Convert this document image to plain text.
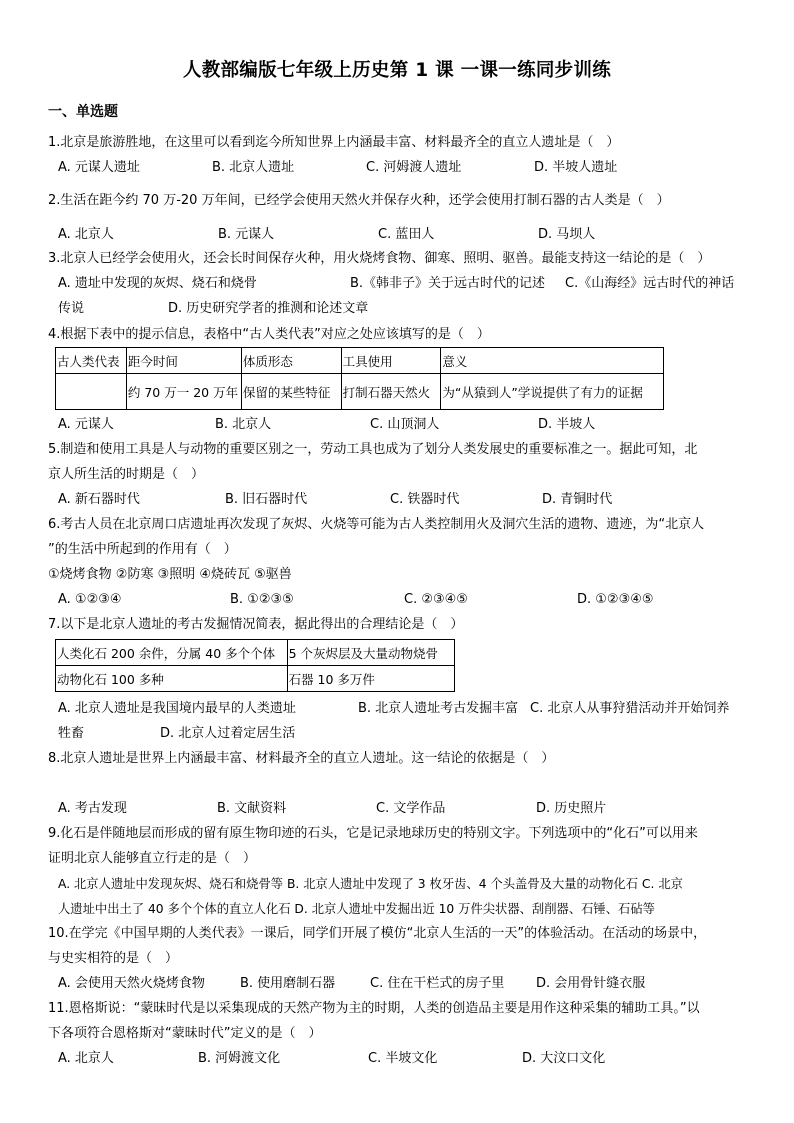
人教部编版七年级上历史第 1 课 一课一练同步训练
一、单选题
1.北京是旅游胜地，在这里可以看到迄今所知世界上内涵最丰富、材料最齐全的直立人遗址是（　）
A. 元谋人遗址	B. 北京人遗址	C. 河姆渡人遗址	D. 半坡人遗址
2.生活在距今约 70 万-20 万年间，已经学会使用天然火并保存火种，还学会使用打制石器的古人类是（　）
A. 北京人	B. 元谋人	C. 蓝田人	D. 马坝人
3.北京人已经学会使用火，还会长时间保存火种，用火烧烤食物、御寒、照明、驱兽。最能支持这一结论的是（　）
A. 遗址中发现的灰烬、烧石和烧骨	B.《韩非子》关于远古时代的记述 C.《山海经》远古时代的神话
传说	D. 历史研究学者的推测和论述文章
4.根据下表中的提示信息，表格中“古人类代表”对应之处应该填写的是（　）
古人类代表	距今时间	体质形态	工具使用	意义
	约 70 万一 20 万年	保留的某些特征	打制石器天然火	为“从猿到人”学说提供了有力的证据
A. 元谋人	B. 北京人	C. 山顶洞人	D. 半坡人
5.制造和使用工具是人与动物的重要区别之一，劳动工具也成为了划分人类发展史的重要标准之一。据此可知，北
京人所生活的时期是（　）
A. 新石器时代	B. 旧石器时代	C. 铁器时代	D. 青铜时代
6.考古人员在北京周口店遗址再次发现了灰烬、火烧等可能为古人类控制用火及洞穴生活的遗物、遗迹，为“北京人
”的生活中所起到的作用有（　）
①烧烤食物 ②防寒 ③照明 ④烧砖瓦 ⑤驱兽
A. ①②③④	B. ①②③⑤	C. ②③④⑤	D. ①②③④⑤
7.以下是北京人遗址的考古发掘情况简表，据此得出的合理结论是（　）
人类化石 200 余件，分属 40 多个个体	5 个灰烬层及大量动物烧骨
动物化石 100 多种	石器 10 多万件
A. 北京人遗址是我国境内最早的人类遗址	B. 北京人遗址考古发掘丰富 C. 北京人从事狩猎活动并开始饲养
牲畜	D. 北京人过着定居生活
8.北京人遗址是世界上内涵最丰富、材料最齐全的直立人遗址。这一结论的依据是（　）
A. 考古发现	B. 文献资料	C. 文学作品	D. 历史照片
9.化石是伴随地层而形成的留有原生物印迹的石头，它是记录地球历史的特别文字。下列选项中的“化石”可以用来
证明北京人能够直立行走的是（　）
A. 北京人遗址中发现灰烬、烧石和烧骨等 B. 北京人遗址中发现了 3 枚牙齿、4 个头盖骨及大量的动物化石 C. 北京
人遗址中出土了 40 多个个体的直立人化石 D. 北京人遗址中发掘出近 10 万件尖状器、刮削器、石锤、石砧等
10.在学完《中国早期的人类代表》一课后，同学们开展了模仿“北京人生活的一天”的体验活动。在活动的场景中，
与史实相符的是（　）
A. 会使用天然火烧烤食物	B. 使用磨制石器	C. 住在干栏式的房子里 D. 会用骨针缝衣服
11.恩格斯说：“蒙昧时代是以采集现成的天然产物为主的时期，人类的创造品主要是用作这种采集的辅助工具。”以
下各项符合恩格斯对“蒙昧时代”定义的是（　）
A. 北京人	B. 河姆渡文化	C. 半坡文化	D. 大汶口文化
